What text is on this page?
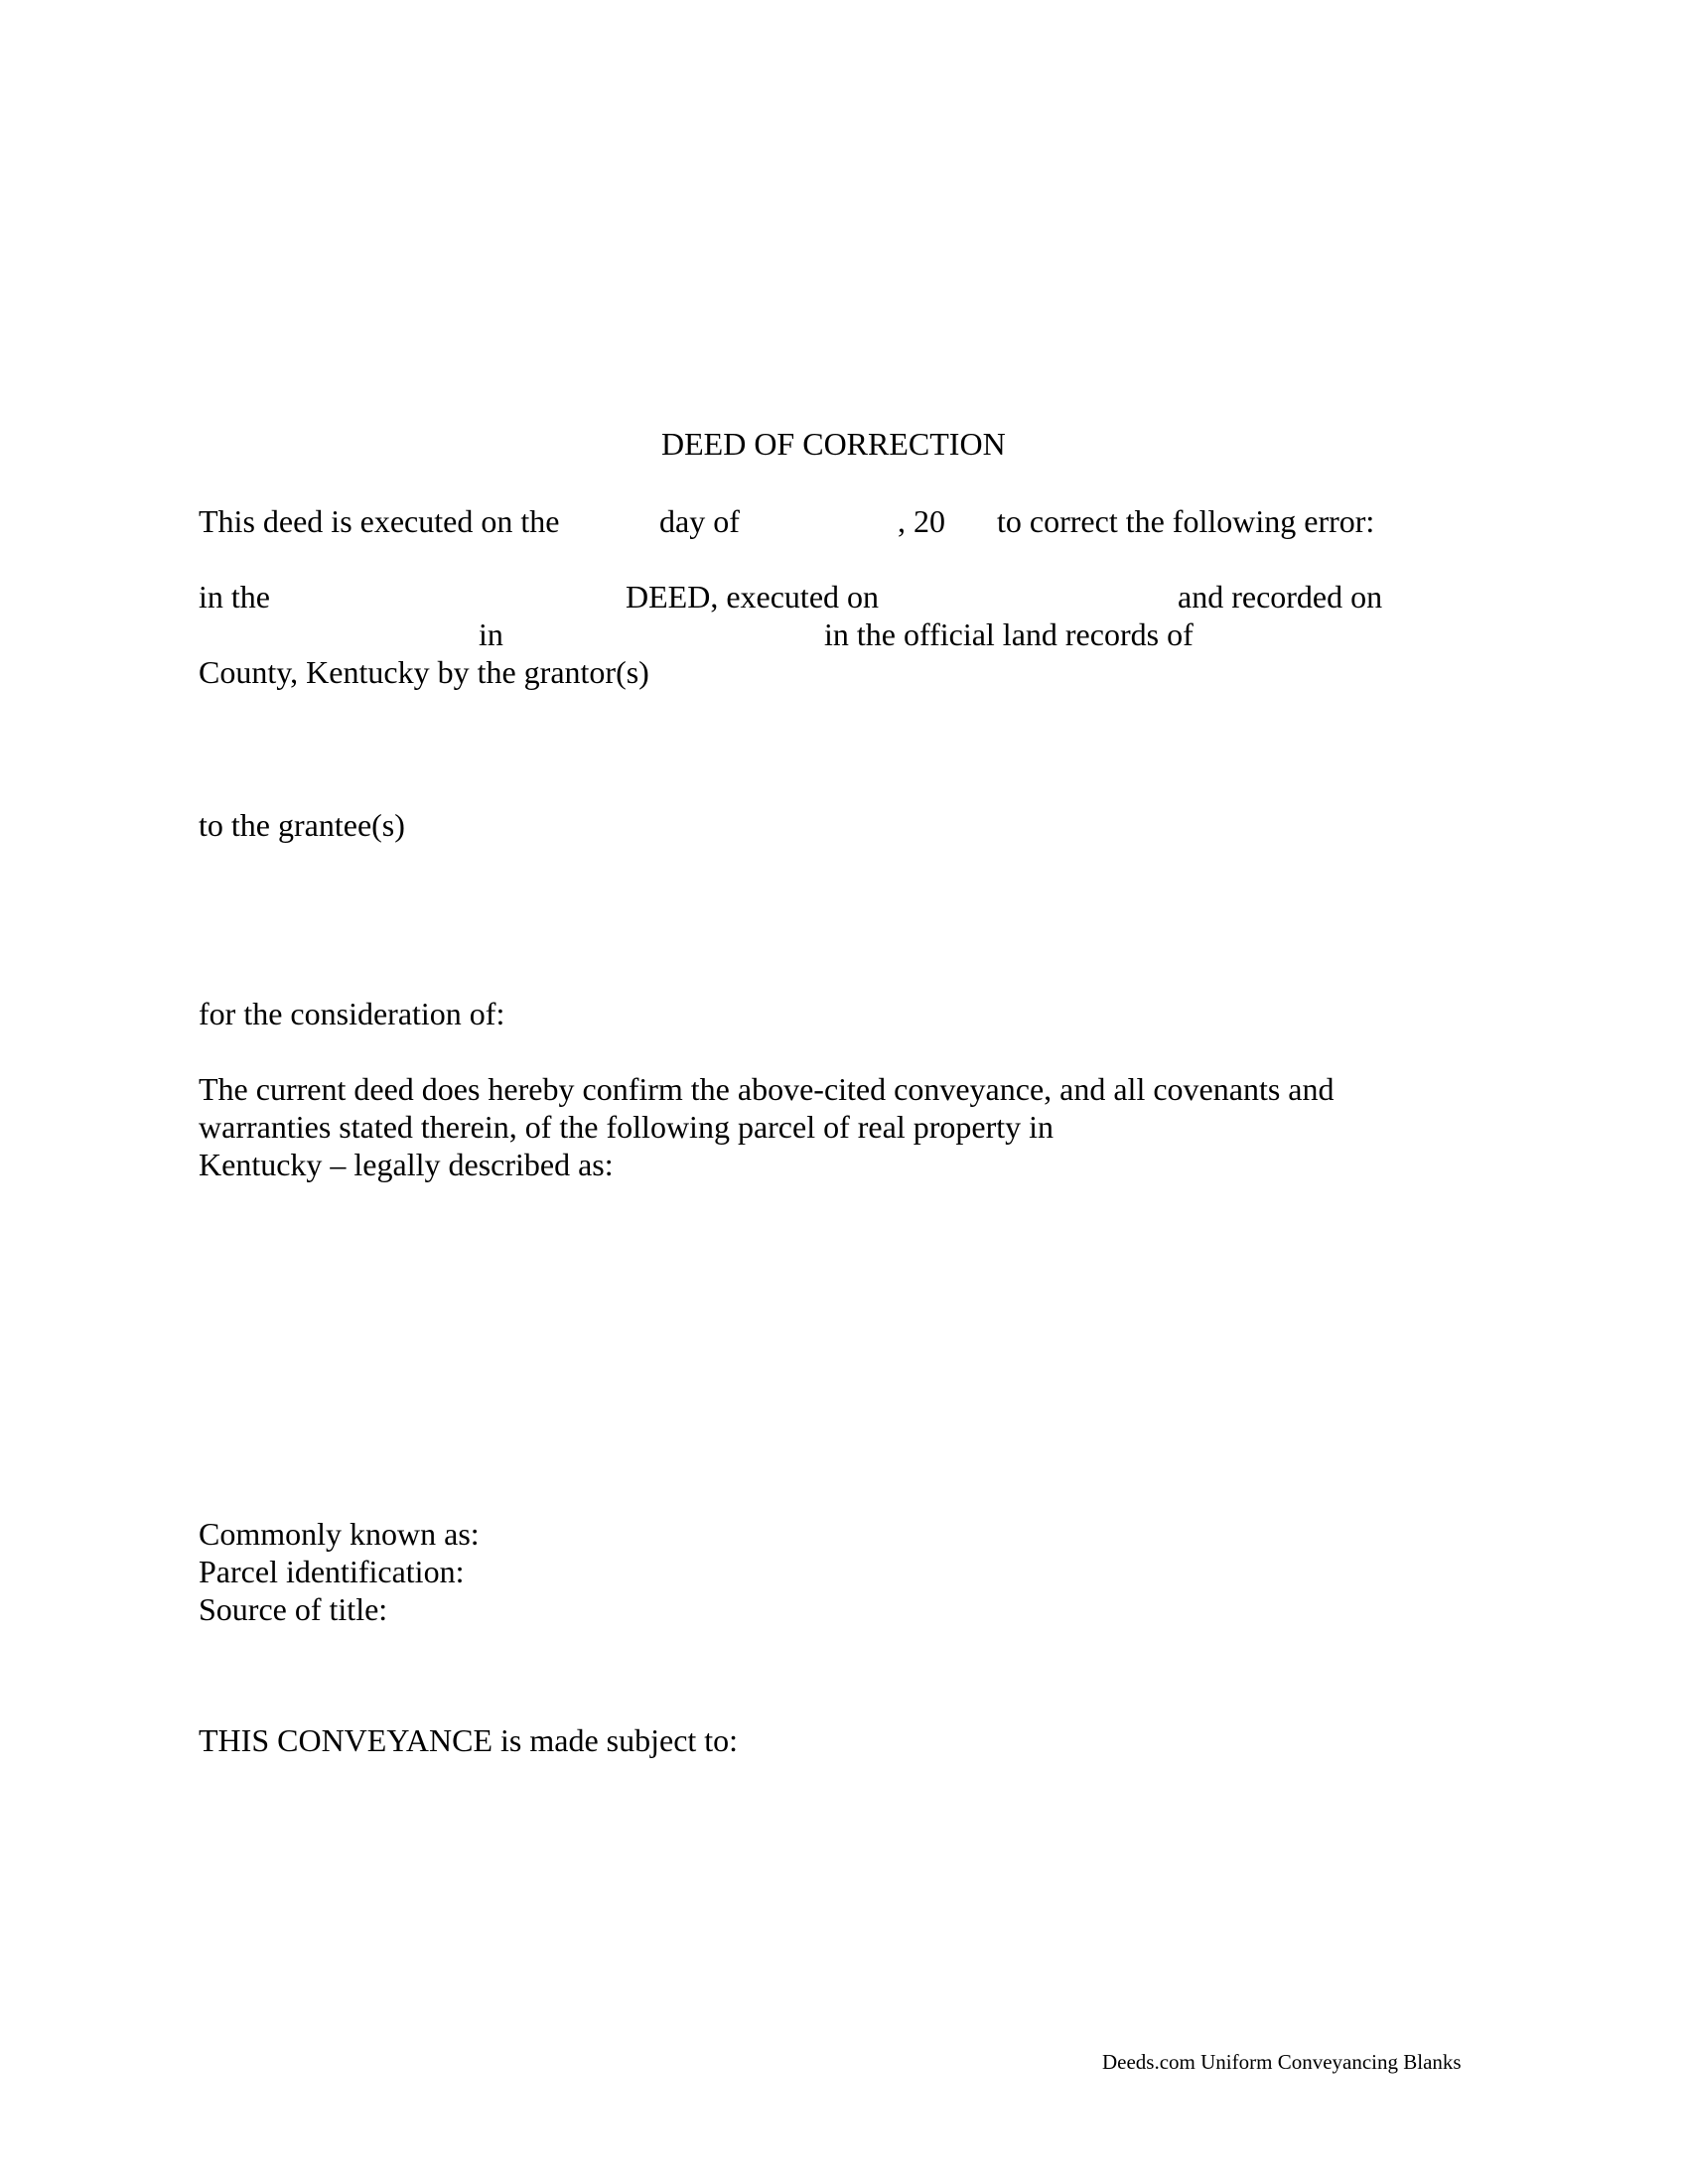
DEED OF CORRECTION
This deed is executed on the	day of	, 20 to correct the following error:
in the	DEED, executed on	and recorded on
in	in the official land records of
County, Kentucky by the grantor(s)
to the grantee(s)
for the consideration of:
The current deed does hereby confirm the above-cited conveyance, and all covenants and
warranties stated therein, of the following parcel of real property in
Kentucky – legally described as:
Commonly known as:
Parcel identification:
Source of title:
THIS CONVEYANCE is made subject to:
Deeds.com Uniform Conveyancing Blanks
